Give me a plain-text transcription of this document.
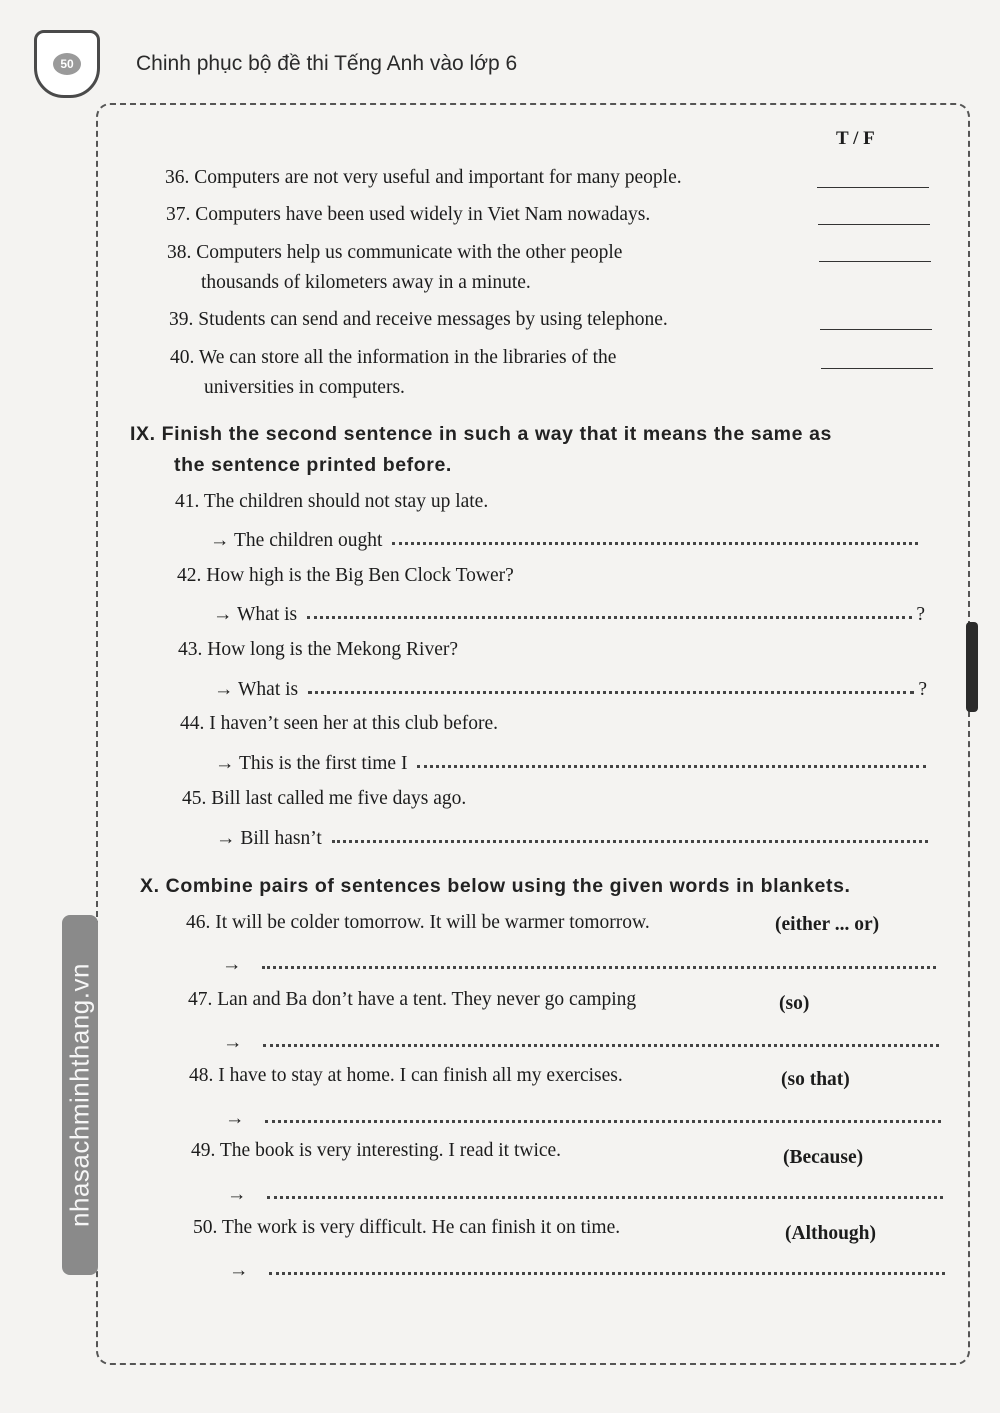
50	Chinh phục bộ đề thi Tếng Anh vào lớp 6
nhasachminhthang.vn
T / F
36. Computers are not very useful and important for many people.
37. Computers have been used widely in Viet Nam nowadays.
38. Computers help us communicate with the other people
thousands of kilometers away in a minute.
39. Students can send and receive messages by using telephone.
40. We can store all the information in the libraries of the
universities in computers.
IX. Finish the second sentence in such a way that it means the same as
the sentence printed before.
41. The children should not stay up late.
→ The children ought
42. How high is the Big Ben Clock Tower?
→ What is	?
43. How long is the Mekong River?
→ What is	?
44. I haven’t seen her at this club before.
→ This is the first time I
45. Bill last called me five days ago.
→ Bill hasn’t
X. Combine pairs of sentences below using the given words in blankets.
46. It will be colder tomorrow. It will be warmer tomorrow.	(either ... or)
→
47. Lan and Ba don’t have a tent. They never go camping	(so)
→
48. I have to stay at home. I can finish all my exercises.	(so that)
→
49. The book is very interesting. I read it twice.	(Because)
→
50. The work is very difficult. He can finish it on time.	(Although)
→
